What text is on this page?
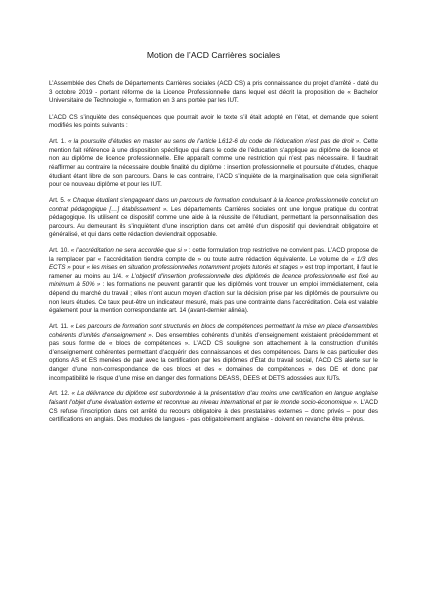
Motion de l’ACD Carrières sociales

L’Assemblée des Chefs de Départements Carrières sociales (ACD CS) a pris connaissance du projet d’arrêté - daté du 3 octobre 2019 - portant réforme de la Licence Professionnelle dans lequel est décrit la proposition de « Bachelor Universitaire de Technologie », formation en 3 ans portée par les IUT.

L’ACD CS s’inquiète des conséquences que pourrait avoir le texte s’il était adopté en l’état, et demande que soient modifiés les points suivants :

Art. 1. « la poursuite d’études en master au sens de l’article L612-6 du code de l’éducation n’est pas de droit ». Cette mention fait référence à une disposition spécifique qui dans le code de l’éducation s’applique au diplôme de licence et non au diplôme de licence professionnelle. Elle apparaît comme une restriction qui n’est pas nécessaire. Il faudrait réaffirmer au contraire la nécessaire double finalité du diplôme : insertion professionnelle et poursuite d’études, chaque étudiant étant libre de son parcours. Dans le cas contraire, l’ACD s’inquiète de la marginalisation que cela signifierait pour ce nouveau diplôme et pour les IUT.

Art. 5. « Chaque étudiant s’engageant dans un parcours de formation conduisant à la licence professionnelle conclut un contrat pédagogique […] établissement ». Les départements Carrières sociales ont une longue pratique du contrat pédagogique. Ils utilisent ce dispositif comme une aide à la réussite de l’étudiant, permettant la personnalisation des parcours. Au demeurant ils s’inquiètent d’une inscription dans cet arrêté d’un dispositif qui deviendrait obligatoire et généralisé, et qui dans cette rédaction deviendrait opposable.

Art. 10. « l’accréditation ne sera accordée que si » : cette formulation trop restrictive ne convient pas. L’ACD propose de la remplacer par « l’accréditation tiendra compte de » ou toute autre rédaction équivalente. Le volume de « 1/3 des ECTS » pour « les mises en situation professionnelles notamment projets tutorés et stages » est trop important, il faut le ramener au moins au 1/4. « L’objectif d’insertion professionnelle des diplômés de licence professionnelle est fixé au minimum à 50% » : les formations ne peuvent garantir que les diplômés vont trouver un emploi immédiatement, cela dépend du marché du travail ; elles n’ont aucun moyen d’action sur la décision prise par les diplômés de poursuivre ou non leurs études. Ce taux peut-être un indicateur mesuré, mais pas une contrainte dans l’accréditation. Cela est valable également pour la mention correspondante art. 14 (avant-dernier alinéa).

Art. 11. « Les parcours de formation sont structurés en blocs de compétences permettant la mise en place d’ensembles cohérents d’unités d’enseignement ». Des ensembles cohérents d’unités d’enseignement existaient précédemment et pas sous forme de « blocs de compétences ». L’ACD CS souligne son attachement à la construction d’unités d’enseignement cohérentes permettant d’acquérir des connaissances et des compétences. Dans le cas particulier des options AS et ES menées de pair avec la certification par les diplômes d’État du travail social, l’ACD CS alerte sur le danger d’une non-correspondance de ces blocs et des « domaines de compétences » des DE et donc par incompatibilité le risque d’une mise en danger des formations DEASS, DEES et DETS adossées aux IUTs.

Art. 12. « La délivrance du diplôme est subordonnée à la présentation d’au moins une certification en langue anglaise faisant l’objet d’une évaluation externe et reconnue au niveau international et par le monde socio-économique ». L’ACD CS refuse l’inscription dans cet arrêté du recours obligatoire à des prestataires externes – donc privés – pour des certifications en anglais. Des modules de langues - pas obligatoirement anglaise - doivent en revanche être prévus.
